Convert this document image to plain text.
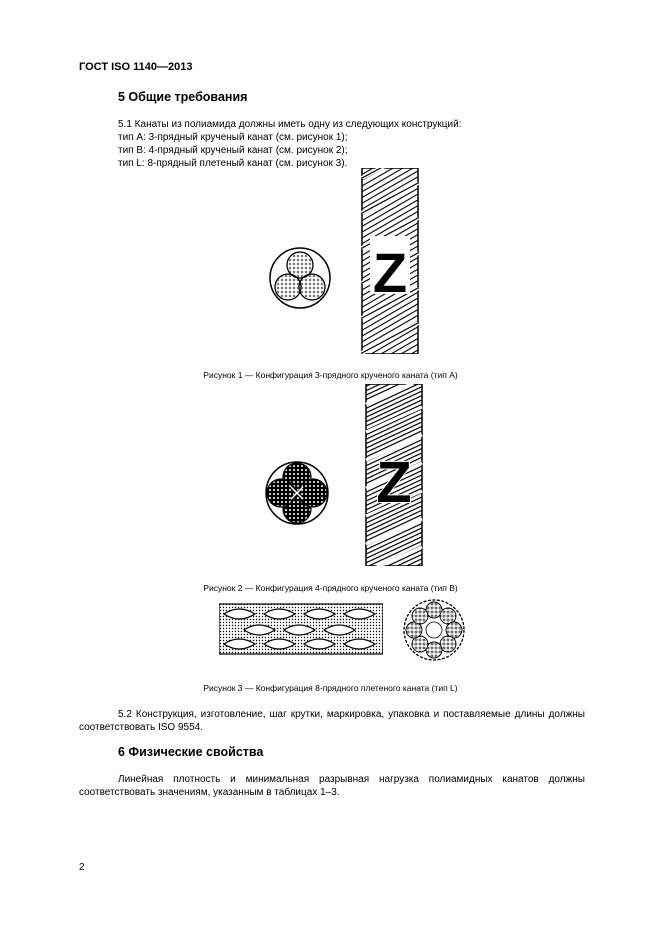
ГОСТ ISO 1140—2013
5 Общие требования
5.1 Канаты из полиамида должны иметь одну из следующих конструкций:
тип А: 3-прядный крученый канат (см. рисунок 1);
тип В: 4-прядный крученый канат (см. рисунок 2);
тип L: 8-прядный плетеный канат (см. рисунок 3).
Z
Рисунок 1 — Конфигурация 3-прядного крученого каната (тип А)
Z
Рисунок 2 — Конфигурация 4-прядного крученого каната (тип В)
Рисунок 3 — Конфигурация 8-прядного плетеного каната (тип L)
5.2 Конструкция, изготовление, шаг крутки, маркировка, упаковка и поставляемые длины должны соответствовать ISO 9554.
6 Физические свойства
Линейная плотность и минимальная разрывная нагрузка полиамидных канатов должны соответствовать значениям, указанным в таблицах 1–3.
2
